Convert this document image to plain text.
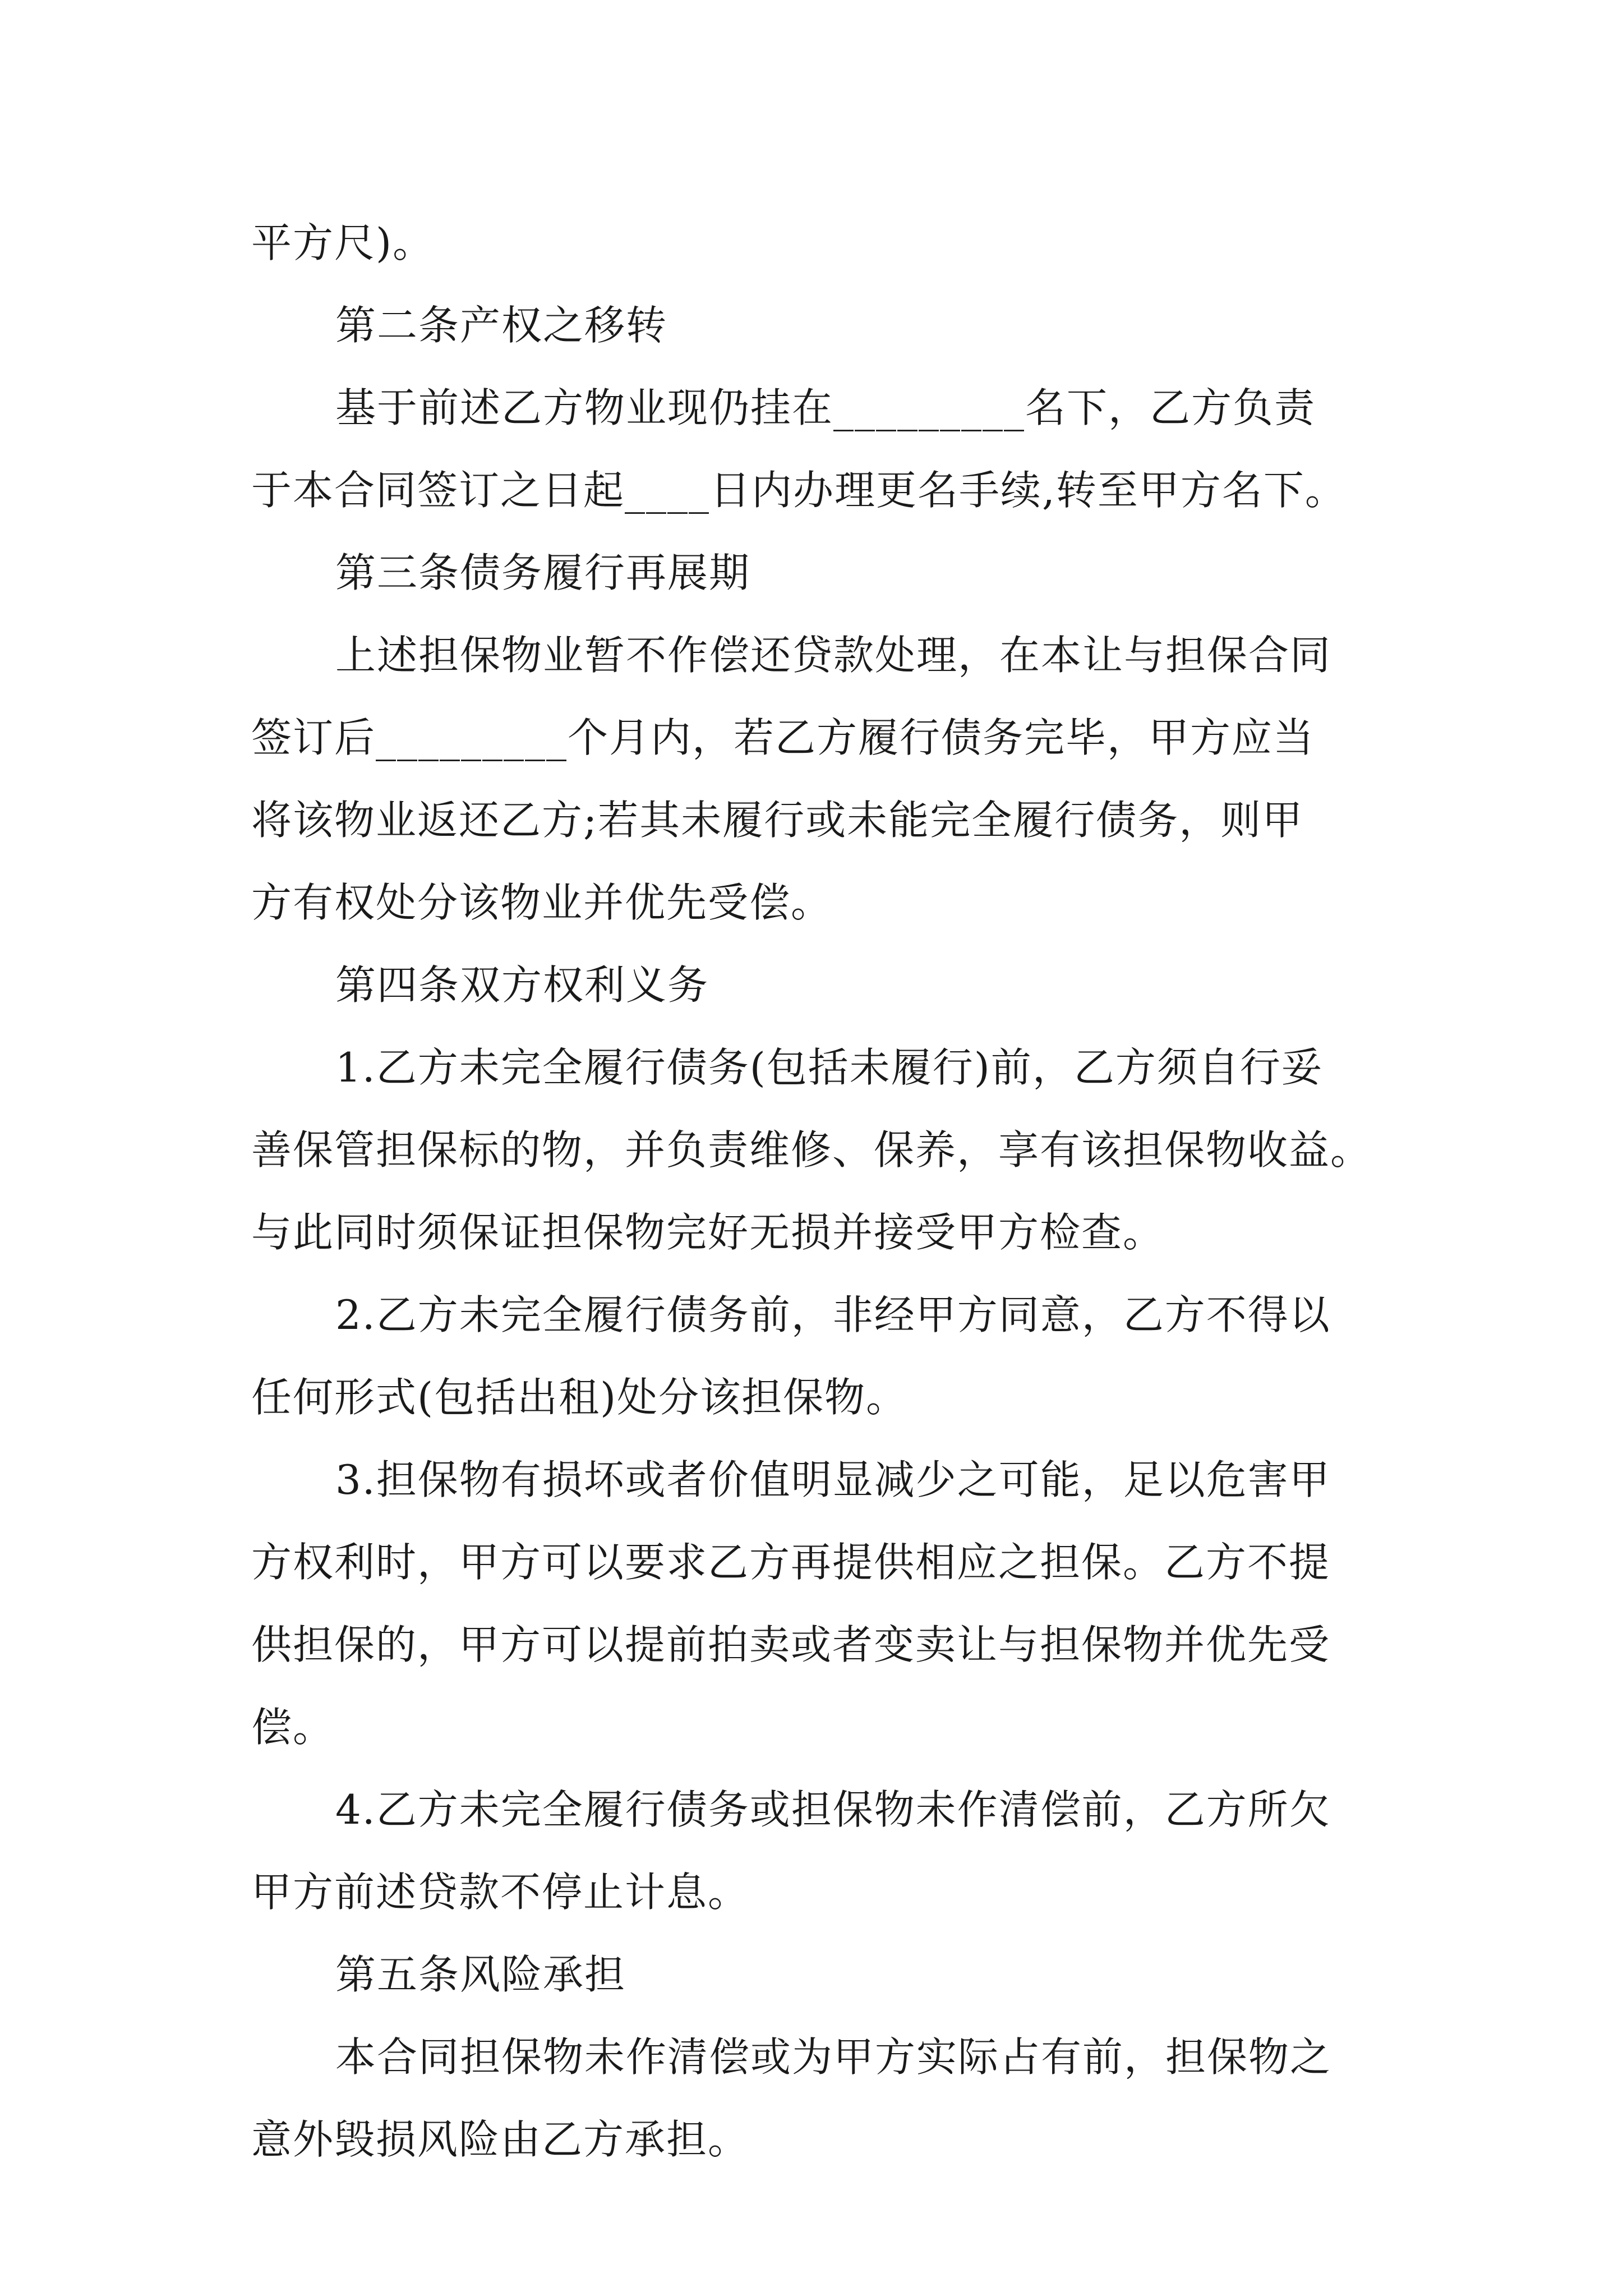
平方尺)。
第二条产权之移转
基于前述乙方物业现仍挂在_________名下，乙方负责
于本合同签订之日起____日内办理更名手续,转至甲方名下。
第三条债务履行再展期
上述担保物业暂不作偿还贷款处理，在本让与担保合同
签订后_________个月内，若乙方履行债务完毕，甲方应当
将该物业返还乙方;若其未履行或未能完全履行债务，则甲
方有权处分该物业并优先受偿。
第四条双方权利义务
1.乙方未完全履行债务(包括未履行)前，乙方须自行妥
善保管担保标的物，并负责维修、保养，享有该担保物收益。
与此同时须保证担保物完好无损并接受甲方检查。
2.乙方未完全履行债务前，非经甲方同意，乙方不得以
任何形式(包括出租)处分该担保物。
3.担保物有损坏或者价值明显减少之可能，足以危害甲
方权利时，甲方可以要求乙方再提供相应之担保。乙方不提
供担保的，甲方可以提前拍卖或者变卖让与担保物并优先受
偿。
4.乙方未完全履行债务或担保物未作清偿前，乙方所欠
甲方前述贷款不停止计息。
第五条风险承担
本合同担保物未作清偿或为甲方实际占有前，担保物之
意外毁损风险由乙方承担。
